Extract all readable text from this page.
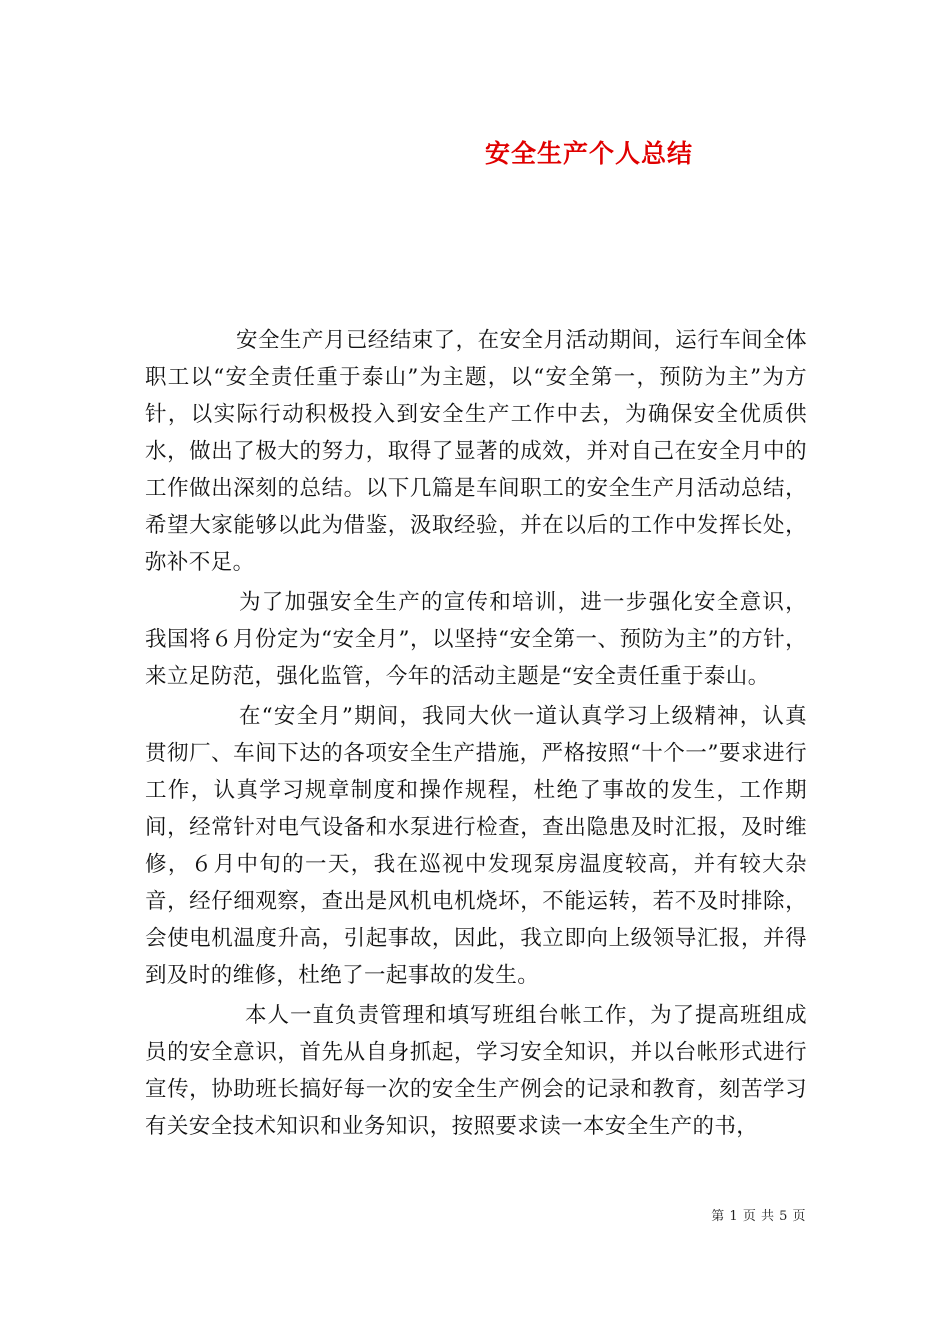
安全生产个人总结

安全生产月已经结束了，在安全月活动期间，运行车间全体职工以“安全责任重于泰山”为主题，以“安全第一，预防为主”为方针，以实际行动积极投入到安全生产工作中去，为确保安全优质供水，做出了极大的努力，取得了显著的成效，并对自己在安全月中的工作做出深刻的总结。以下几篇是车间职工的安全生产月活动总结，希望大家能够以此为借鉴，汲取经验，并在以后的工作中发挥长处，弥补不足。

为了加强安全生产的宣传和培训，进一步强化安全意识，我国将６月份定为“安全月”，以坚持“安全第一、预防为主”的方针，来立足防范，强化监管，今年的活动主题是“安全责任重于泰山。

在“安全月”期间，我同大伙一道认真学习上级精神，认真贯彻厂、车间下达的各项安全生产措施，严格按照“十个一”要求进行工作，认真学习规章制度和操作规程，杜绝了事故的发生，工作期间，经常针对电气设备和水泵进行检查，查出隐患及时汇报，及时维修，６月中旬的一天，我在巡视中发现泵房温度较高，并有较大杂音，经仔细观察，查出是风机电机烧坏，不能运转，若不及时排除，会使电机温度升高，引起事故，因此，我立即向上级领导汇报，并得到及时的维修，杜绝了一起事故的发生。

本人一直负责管理和填写班组台帐工作，为了提高班组成员的安全意识，首先从自身抓起，学习安全知识，并以台帐形式进行宣传，协助班长搞好每一次的安全生产例会的记录和教育，刻苦学习有关安全技术知识和业务知识，按照要求读一本安全生产的书，

第 1 页 共 5 页
